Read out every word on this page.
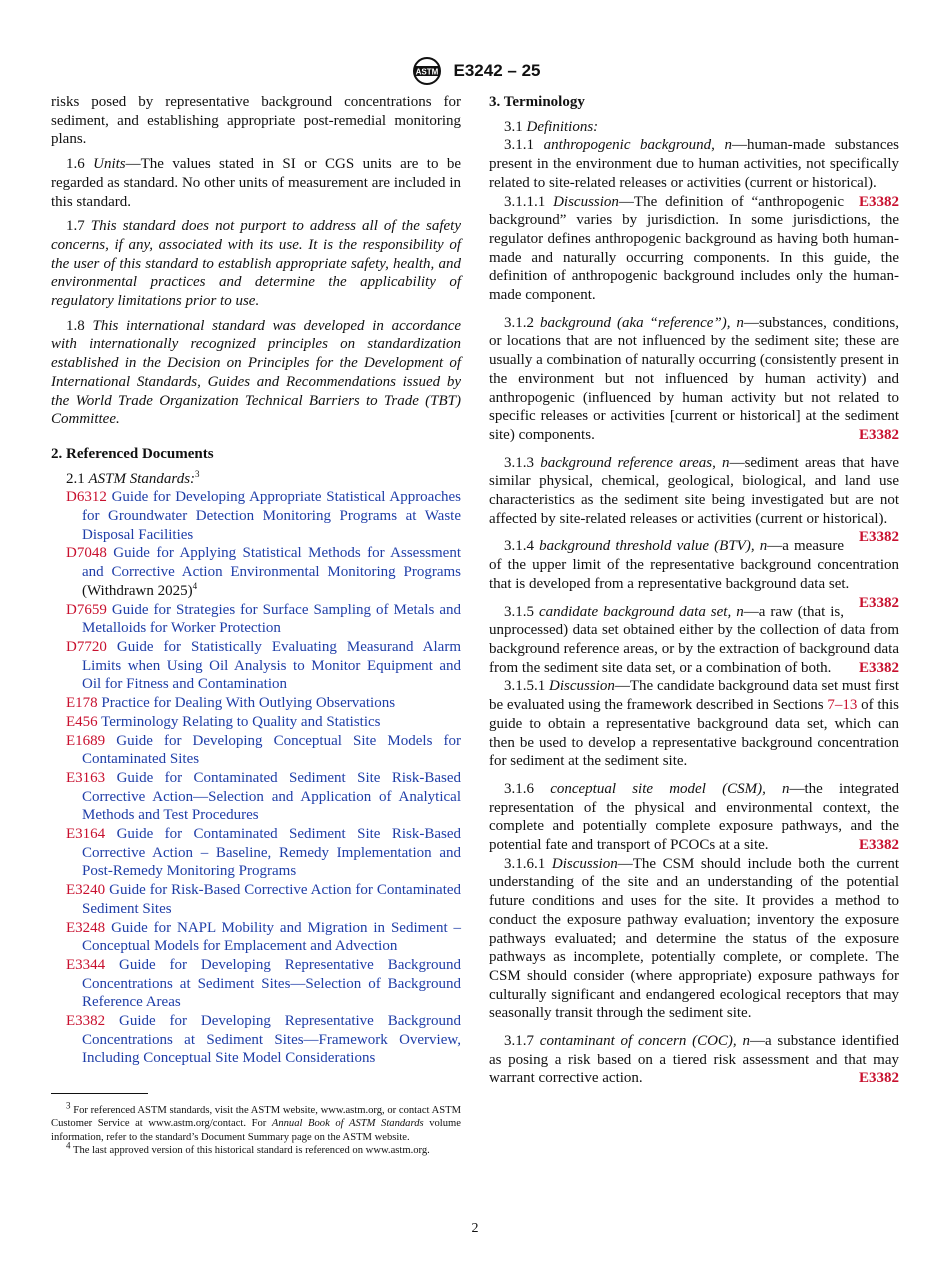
ASTM E3242 – 25

risks posed by representative background concentrations for sediment, and establishing appropriate post-remedial monitoring plans.

1.6 Units—The values stated in SI or CGS units are to be regarded as standard. No other units of measurement are included in this standard.

1.7 This standard does not purport to address all of the safety concerns, if any, associated with its use. It is the responsibility of the user of this standard to establish appropriate safety, health, and environmental practices and determine the applicability of regulatory limitations prior to use.

1.8 This international standard was developed in accordance with internationally recognized principles on standardization established in the Decision on Principles for the Development of International Standards, Guides and Recommendations issued by the World Trade Organization Technical Barriers to Trade (TBT) Committee.

2. Referenced Documents

2.1 ASTM Standards:$^3$

D6312 Guide for Developing Appropriate Statistical Approaches for Groundwater Detection Monitoring Programs at Waste Disposal Facilities

D7048 Guide for Applying Statistical Methods for Assessment and Corrective Action Environmental Monitoring Programs (Withdrawn 2025)$^4$

D7659 Guide for Strategies for Surface Sampling of Metals and Metalloids for Worker Protection

D7720 Guide for Statistically Evaluating Measurand Alarm Limits when Using Oil Analysis to Monitor Equipment and Oil for Fitness and Contamination

E178 Practice for Dealing With Outlying Observations

E456 Terminology Relating to Quality and Statistics

E1689 Guide for Developing Conceptual Site Models for Contaminated Sites

E3163 Guide for Contaminated Sediment Site Risk-Based Corrective Action—Selection and Application of Analytical Methods and Test Procedures

E3164 Guide for Contaminated Sediment Site Risk-Based Corrective Action – Baseline, Remedy Implementation and Post-Remedy Monitoring Programs

E3240 Guide for Risk-Based Corrective Action for Contaminated Sediment Sites

E3248 Guide for NAPL Mobility and Migration in Sediment – Conceptual Models for Emplacement and Advection

E3344 Guide for Developing Representative Background Concentrations at Sediment Sites—Selection of Background Reference Areas

E3382 Guide for Developing Representative Background Concentrations at Sediment Sites—Framework Overview, Including Conceptual Site Model Considerations

$^3$ For referenced ASTM standards, visit the ASTM website, www.astm.org, or contact ASTM Customer Service at www.astm.org/contact. For Annual Book of ASTM Standards volume information, refer to the standard’s Document Summary page on the ASTM website.

$^4$ The last approved version of this historical standard is referenced on www.astm.org.

3. Terminology

3.1 Definitions:

3.1.1 anthropogenic background, n—human-made substances present in the environment due to human activities, not specifically related to site-related releases or activities (current or historical).
E3382

3.1.1.1 Discussion—The definition of “anthropogenic background” varies by jurisdiction. In some jurisdictions, the regulator defines anthropogenic background as having both human-made and naturally occurring components. In this guide, the definition of anthropogenic background includes only the human-made component.

3.1.2 background (aka “reference”), n—substances, conditions, or locations that are not influenced by the sediment site; these are usually a combination of naturally occurring (consistently present in the environment but not influenced by human activity) and anthropogenic (influenced by human activity but not related to specific releases or activities [current or historical] at the sediment site) components.	E3382

3.1.3 background reference areas, n—sediment areas that have similar physical, chemical, geological, biological, and land use characteristics as the sediment site being investigated but are not affected by site-related releases or activities (current or historical).
E3382

3.1.4 background threshold value (BTV), n—a measure of the upper limit of the representative background concentration that is developed from a representative background data set.
E3382

3.1.5 candidate background data set, n—a raw (that is, unprocessed) data set obtained either by the collection of data from background reference areas, or by the extraction of background data from the sediment site data set, or a combination of both.	E3382

3.1.5.1 Discussion—The candidate background data set must first be evaluated using the framework described in Sections 7–13 of this guide to obtain a representative background data set, which can then be used to develop a representative background concentration for sediment at the sediment site.

3.1.6 conceptual site model (CSM), n—the integrated representation of the physical and environmental context, the complete and potentially complete exposure pathways, and the potential fate and transport of PCOCs at a site.	E3382

3.1.6.1 Discussion—The CSM should include both the current understanding of the site and an understanding of the potential future conditions and uses for the site. It provides a method to conduct the exposure pathway evaluation; inventory the exposure pathways evaluated; and determine the status of the exposure pathways as incomplete, potentially complete, or complete. The CSM should consider (where appropriate) exposure pathways for culturally significant and endangered ecological receptors that may seasonally transit through the sediment site.

3.1.7 contaminant of concern (COC), n—a substance identified as posing a risk based on a tiered risk assessment and that may warrant corrective action.	E3382

2
